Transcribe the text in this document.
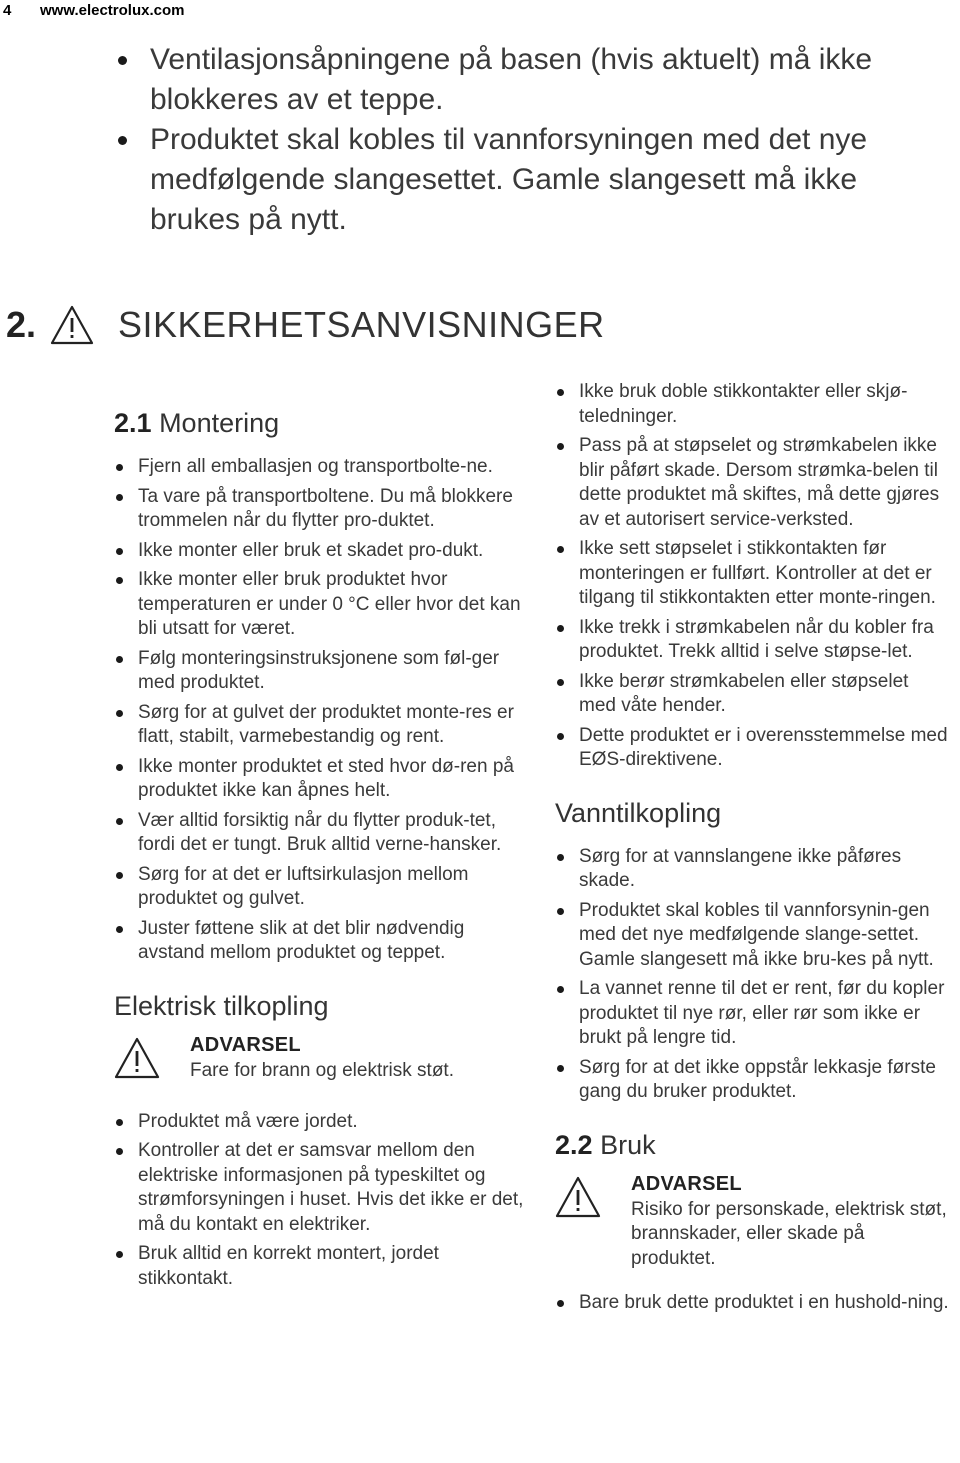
4 www.electrolux.com
Ventilasjonsåpningene på basen (hvis aktuelt) må ikke blokkeres av et teppe.
Produktet skal kobles til vannforsyningen med det nye medfølgende slangesettet. Gamle slangesett må ikke brukes på nytt.
2. SIKKERHETSANVISNINGER
2.1 Montering
Fjern all emballasjen og transportbolte-ne.
Ta vare på transportboltene. Du må blokkere trommelen når du flytter pro-duktet.
Ikke monter eller bruk et skadet pro-dukt.
Ikke monter eller bruk produktet hvor temperaturen er under 0 °C eller hvor det kan bli utsatt for været.
Følg monteringsinstruksjonene som føl-ger med produktet.
Sørg for at gulvet der produktet monte-res er flatt, stabilt, varmebestandig og rent.
Ikke monter produktet et sted hvor dø-ren på produktet ikke kan åpnes helt.
Vær alltid forsiktig når du flytter produk-tet, fordi det er tungt. Bruk alltid verne-hansker.
Sørg for at det er luftsirkulasjon mellom produktet og gulvet.
Juster føttene slik at det blir nødvendig avstand mellom produktet og teppet.
Elektrisk tilkopling
ADVARSEL
Fare for brann og elektrisk støt.
Produktet må være jordet.
Kontroller at det er samsvar mellom den elektriske informasjonen på typeskiltet og strømforsyningen i huset. Hvis det ikke er det, må du kontakt en elektriker.
Bruk alltid en korrekt montert, jordet stikkontakt.
Ikke bruk doble stikkontakter eller skjø-teledninger.
Pass på at støpselet og strømkabelen ikke blir påført skade. Dersom strømka-belen til dette produktet må skiftes, må dette gjøres av et autorisert service-verksted.
Ikke sett støpselet i stikkontakten før monteringen er fullført. Kontroller at det er tilgang til stikkontakten etter monte-ringen.
Ikke trekk i strømkabelen når du kobler fra produktet. Trekk alltid i selve støpse-let.
Ikke berør strømkabelen eller støpselet med våte hender.
Dette produktet er i overensstemmelse med EØS-direktivene.
Vanntilkopling
Sørg for at vannslangene ikke påføres skade.
Produktet skal kobles til vannforsynin-gen med det nye medfølgende slange-settet. Gamle slangesett må ikke bru-kes på nytt.
La vannet renne til det er rent, før du kopler produktet til nye rør, eller rør som ikke er brukt på lengre tid.
Sørg for at det ikke oppstår lekkasje første gang du bruker produktet.
2.2 Bruk
ADVARSEL
Risiko for personskade, elektrisk støt, brannskader, eller skade på produktet.
Bare bruk dette produktet i en hushold-ning.
